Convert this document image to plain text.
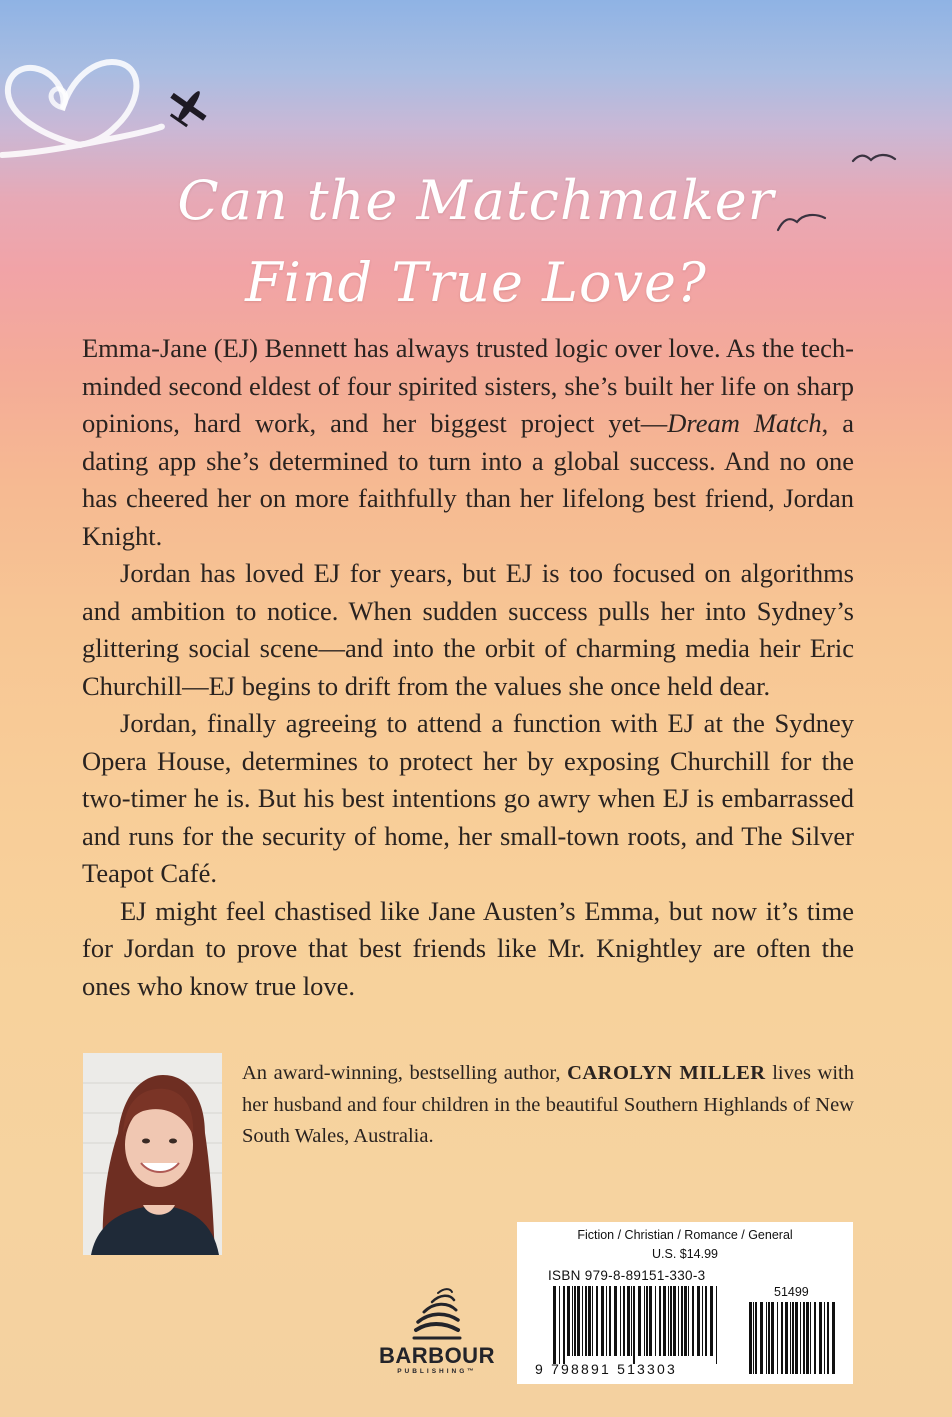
Can the Matchmaker
Find True Love?

Emma-Jane (EJ) Bennett has always trusted logic over love. As the tech-minded second eldest of four spirited sisters, she’s built her life on sharp opinions, hard work, and her biggest project yet—Dream Match, a dating app she’s determined to turn into a global success. And no one has cheered her on more faithfully than her lifelong best friend, Jordan Knight.

Jordan has loved EJ for years, but EJ is too focused on algorithms and ambition to notice. When sudden success pulls her into Sydney’s glittering social scene—and into the orbit of charming media heir Eric Churchill—EJ begins to drift from the values she once held dear.

Jordan, finally agreeing to attend a function with EJ at the Sydney Opera House, determines to protect her by exposing Churchill for the two-timer he is. But his best intentions go awry when EJ is embarrassed and runs for the security of home, her small-town roots, and The Silver Teapot Café.

EJ might feel chastised like Jane Austen’s Emma, but now it’s time for Jordan to prove that best friends like Mr. Knightley are often the ones who know true love.

An award-winning, bestselling author, CAROLYN MILLER lives with her husband and four children in the beautiful Southern Highlands of New South Wales, Australia.
BARBOUR
PUBLISHING™
Fiction / Christian / Romance / General
U.S. $14.99
ISBN 979-8-89151-330-3
51499
9 798891 513303
